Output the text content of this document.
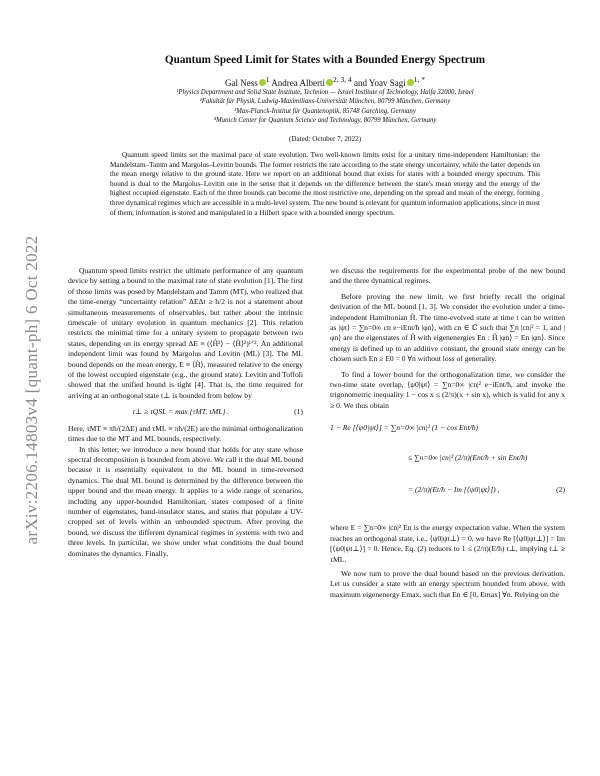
arXiv:2206.14803v4 [quant-ph] 6 Oct 2022
Quantum Speed Limit for States with a Bounded Energy Spectrum
Gal Ness $^1$ Andrea Alberti $^{2, 3, 4}$ and Yoav Sagi $^{1, *}$
¹Physics Department and Solid State Institute, Technion — Israel Institute of Technology, Haifa 32000, Israel
²Fakultät für Physik, Ludwig-Maximilians-Universität München, 80799 München, Germany
³Max-Planck-Institut für Quantenoptik, 85748 Garching, Germany
⁴Munich Center for Quantum Science and Technology, 80799 München, Germany
(Dated: October 7, 2022)
Quantum speed limits set the maximal pace of state evolution. Two well-known limits exist for a unitary time-independent Hamiltonian: the Mandelstam–Tamm and Margolus–Levitin bounds. The former restricts the rate according to the state energy uncertainty, while the latter depends on the mean energy relative to the ground state. Here we report on an additional bound that exists for states with a bounded energy spectrum. This bound is dual to the Margolus–Levitin one in the sense that it depends on the difference between the state's mean energy and the energy of the highest occupied eigenstate. Each of the three bounds can become the most restrictive one, depending on the spread and mean of the energy, forming three dynamical regimes which are accessible in a multi-level system. The new bound is relevant for quantum information applications, since in most of them, information is stored and manipulated in a Hilbert space with a bounded energy spectrum.

Quantum speed limits restrict the ultimate performance of any quantum device by setting a bound to the maximal rate of state evolution [1]. The first of those limits was posed by Mandelstam and Tamm (MT), who realized that the time-energy “uncertainty relation” ΔEΔt ≥ ħ/2 is not a statement about simultaneous measurements of observables, but rather about the intrinsic timescale of unitary evolution in quantum mechanics [2]. This relation restricts the minimal time for a unitary system to propagate between two states, depending on its energy spread ΔE ≡ (⟨Ĥ²⟩ − ⟨Ĥ⟩²)¹ᐟ². An additional independent limit was found by Margolus and Levitin (ML) [3]. The ML bound depends on the mean energy, E ≡ ⟨Ĥ⟩, measured relative to the energy of the lowest occupied eigenstate (e.g., the ground state). Levitin and Toffoli showed that the unified bound is tight [4]. That is, the time required for arriving at an orthogonal state t⊥ is bounded from below by

t⊥ ≥ τQSL = max {τMT, τML} .	(1)

Here, τMT ≡ πħ/(2ΔE) and τML ≡ πħ/(2E) are the minimal orthogonalization times due to the MT and ML bounds, respectively.

In this letter, we introduce a new bound that holds for any state whose spectral decomposition is bounded from above. We call it the dual ML bound because it is essentially equivalent to the ML bound in time-reversed dynamics. The dual ML bound is determined by the difference between the upper bound and the mean energy. It applies to a wide range of scenarios, including any upper-bounded Hamiltonian, states composed of a finite number of eigenstates, band-insulator states, and states that populate a UV-cropped set of levels within an unbounded spectrum. After proving the bound, we discuss the different dynamical regimes in systems with two and three levels. In particular, we show under what conditions the dual bound dominates the dynamics. Finally,

we discuss the requirements for the experimental probe of the new bound and the three dynamical regimes.

Before proving the new limit, we first briefly recall the original derivation of the ML bound [1, 3]. We consider the evolution under a time-independent Hamiltonian Ĥ. The time-evolved state at time t can be written as |ψt⟩ = ∑n=0∞ cn e−iEnt/ħ |φn⟩, with cn ∈ ℂ such that ∑n |cn|² = 1, and |φn⟩ are the eigenstates of Ĥ with eigenenergies En : Ĥ |φn⟩ = En |φn⟩. Since energy is defined up to an additive constant, the ground state energy can be chosen such En ≥ E0 = 0 ∀n without loss of generality.

To find a lower bound for the orthogonalization time, we consider the two-time state overlap, ⟨ψ0|ψt⟩ = ∑n=0∞ |cn|² e−iEnt/ħ, and invoke the trigonometric inequality 1 − cos x ≤ (2/π)(x + sin x), which is valid for any x ≥ 0. We thus obtain

1 − Re [⟨ψ0|ψt⟩] = ∑n=0∞ |cn|² (1 − cos Ent/ħ)
≤ ∑n=0∞ |cn|² (2/π)(Ent/ħ + sin Ent/ħ)
= (2/π)(Et/ħ − Im [⟨ψ0|ψt⟩]) ,	(2)

where E = ∑n=0∞ |cn|² En is the energy expectation value. When the system reaches an orthogonal state, i.e., ⟨ψ0|ψt⊥⟩ = 0, we have Re [⟨ψ0|ψt⊥⟩] = Im [⟨ψ0|ψt⊥⟩] = 0. Hence, Eq. (2) reduces to 1 ≤ (2/π)(E/ħ) t⊥, implying t⊥ ≥ τML.

We now turn to prove the dual bound based on the previous derivation. Let us consider a state with an energy spectrum bounded from above, with maximum eigenenergy Emax, such that En ∈ [0, Emax] ∀n. Relying on the
